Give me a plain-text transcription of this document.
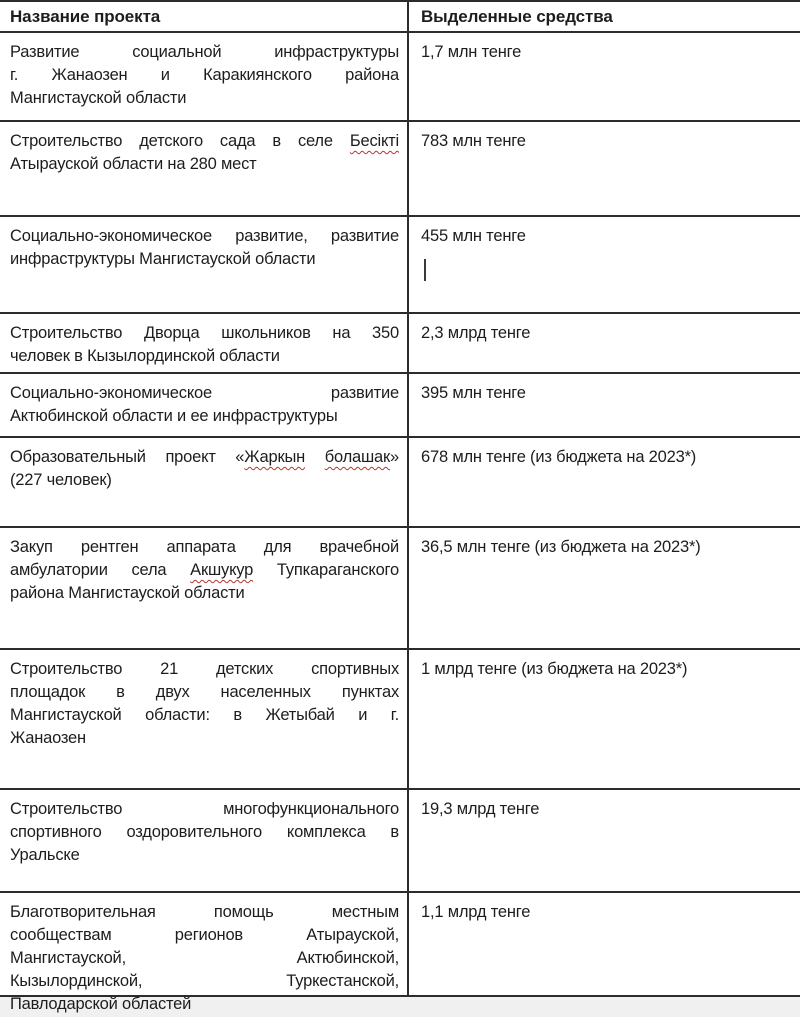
Название проекта	Выделенные средства
Развитие социальной инфраструктуры
г. Жанаозен и Каракиянского района
Мангистауской области
1,7 млн тенге
Строительство детского сада в селе Бесікті
Атырауской области на 280 мест
783 млн тенге
Социально-экономическое развитие, развитие
инфраструктуры Мангистауской области
455 млн тенге
Строительство Дворца школьников на 350
человек в Кызылординской области
2,3 млрд тенге
Социально-экономическое развитие
Актюбинской области и ее инфраструктуры
395 млн тенге
Образовательный проект «Жаркын болашак»
(227 человек)
678 млн тенге (из бюджета на 2023*)
Закуп рентген аппарата для врачебной
амбулатории села Акшукур Тупкараганского
района Мангистауской области
36,5 млн тенге (из бюджета на 2023*)
Строительство 21 детских спортивных
площадок в двух населенных пунктах
Мангистауской области: в Жетыбай и г.
Жанаозен
1 млрд тенге (из бюджета на 2023*)
Строительство многофункционального
спортивного оздоровительного комплекса в
Уральске
19,3 млрд тенге
Благотворительная помощь местным
сообществам регионов Атырауской,
Мангистауской, Актюбинской,
Кызылординской, Туркестанской,
Павлодарской областей
1,1 млрд тенге
